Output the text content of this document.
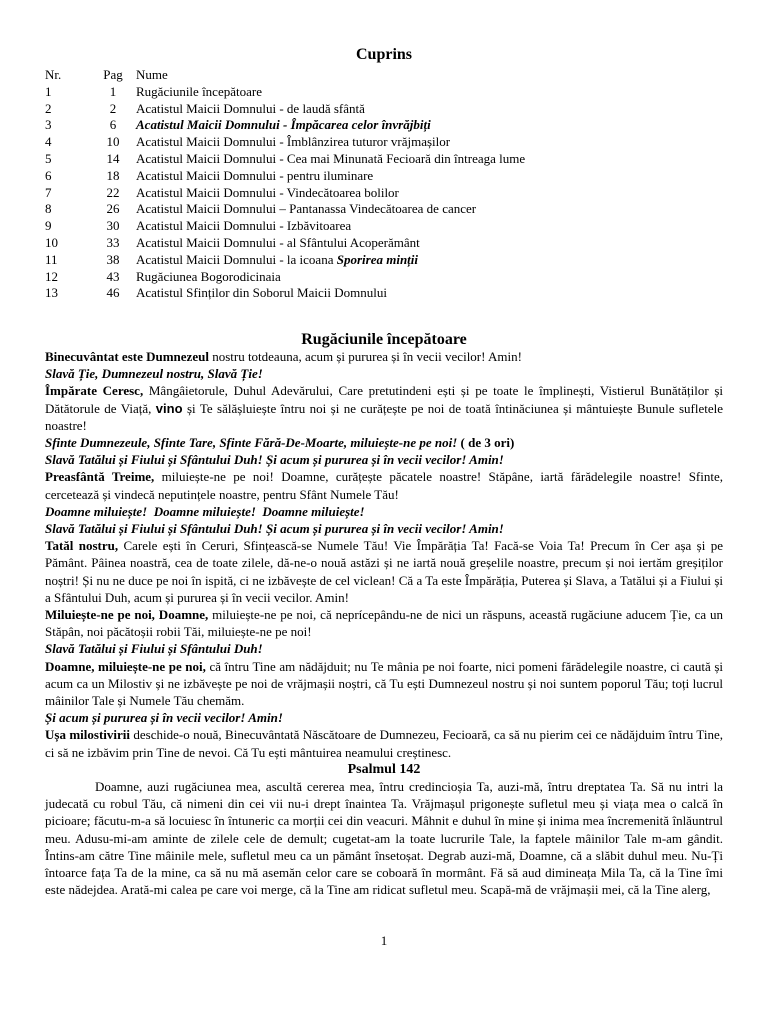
Cuprins
Nr.	Pag	Nume
1	1	Rugăciunile începătoare
2	2	Acatistul Maicii Domnului - de laudă sfântă
3	6	Acatistul Maicii Domnului - Împăcarea celor învrăjbiți
4	10	Acatistul Maicii Domnului - Îmblânzirea tuturor vrăjmașilor
5	14	Acatistul Maicii Domnului - Cea mai Minunată Fecioară din întreaga lume
6	18	Acatistul Maicii Domnului - pentru iluminare
7	22	Acatistul Maicii Domnului - Vindecătoarea bolilor
8	26	Acatistul Maicii Domnului – Pantanassa Vindecătoarea de cancer
9	30	Acatistul Maicii Domnului - Izbăvitoarea
10	33	Acatistul Maicii Domnului - al Sfântului Acoperământ
11	38	Acatistul Maicii Domnului - la icoana Sporirea minții
12	43	Rugăciunea Bogorodicinaia
13	46	Acatistul Sfinților din Soborul Maicii Domnului
Rugăciunile începătoare

Binecuvântat este Dumnezeul nostru totdeauna, acum și pururea și în vecii vecilor! Amin!

Slavă Ție, Dumnezeul nostru, Slavă Ție!

Împărate Ceresc, Mângâietorule, Duhul Adevărului, Care pretutindeni ești și pe toate le împlinești, Vistierul Bunătăților și Dătătorule de Viață, vino și Te sălășluiește întru noi și ne curățește pe noi de toată întinăciunea și mântuiește Bunule sufletele noastre!

Sfinte Dumnezeule, Sfinte Tare, Sfinte Fără-De-Moarte, miluiește-ne pe noi! ( de 3 ori)

Slavă Tatălui și Fiului și Sfântului Duh! Și acum și pururea și în vecii vecilor! Amin!

Preasfântă Treime, miluiește-ne pe noi! Doamne, curățește păcatele noastre! Stăpâne, iartă fărădelegile noastre! Sfinte, cercetează și vindecă neputințele noastre, pentru Sfânt Numele Tău!

Doamne miluiește!  Doamne miluiește!  Doamne miluiește!

Slavă Tatălui și Fiului și Sfântului Duh! Și acum și pururea și în vecii vecilor! Amin!

Tatăl nostru, Carele ești în Ceruri, Sfințească-se Numele Tău! Vie Împărăția Ta! Facă-se Voia Ta! Precum în Cer așa și pe Pământ. Pâinea noastră, cea de toate zilele, dă-ne-o nouă astăzi și ne iartă nouă greșelile noastre, precum și noi iertăm greșiților noștri! Și nu ne duce pe noi în ispită, ci ne izbăvește de cel viclean! Că a Ta este Împărăția, Puterea și Slava, a Tatălui și a Fiului și a Sfântului Duh, acum și pururea și în vecii vecilor. Amin!

Miluiește-ne pe noi, Doamne, miluiește-ne pe noi, că neprícepându-ne de nici un răspuns, această rugăciune aducem Ție, ca un Stăpân, noi păcătoșii robii Tăi, miluiește-ne pe noi!

Slavă Tatălui și Fiului și Sfântului Duh!

Doamne, miluiește-ne pe noi, că întru Tine am nădăjduit; nu Te mânia pe noi foarte, nici pomeni fărădelegile noastre, ci caută și acum ca un Milostiv și ne izbăvește pe noi de vrăjmașii noștri, că Tu ești Dumnezeul nostru și noi suntem poporul Tău; toți lucrul mâinilor Tale și Numele Tău chemăm.

Și acum și pururea și în vecii vecilor! Amin!

Ușa milostivirii deschide-o nouă, Binecuvântată Născătoare de Dumnezeu, Fecioară, ca să nu pierim cei ce nădăjduim întru Tine, ci să ne izbăvim prin Tine de nevoi. Că Tu ești mântuirea neamului creștinesc.

Psalmul 142

Doamne, auzi rugăciunea mea, ascultă cererea mea, întru credincioșia Ta, auzi-mă, întru dreptatea Ta. Să nu intri la judecată cu robul Tău, că nimeni din cei vii nu-i drept înaintea Ta. Vrăjmașul prigonește sufletul meu și viața mea o calcă în picioare; făcutu-m-a să locuiesc în întuneric ca morții cei din veacuri. Mâhnit e duhul în mine și inima mea încremenită înlăuntrul meu. Adusu-mi-am aminte de zilele cele de demult; cugetat-am la toate lucrurile Tale, la faptele mâinilor Tale m-am gândit. Întins-am către Tine mâinile mele, sufletul meu ca un pământ însetoșat. Degrab auzi-mă, Doamne, că a slăbit duhul meu. Nu-Ți întoarce fața Ta de la mine, ca să nu mă asemăn celor care se coboară în mormânt. Fă să aud dimineața Mila Ta, că la Tine îmi este nădejdea. Arată-mi calea pe care voi merge, că la Tine am ridicat sufletul meu. Scapă-mă de vrăjmașii mei, că la Tine alerg,

1
